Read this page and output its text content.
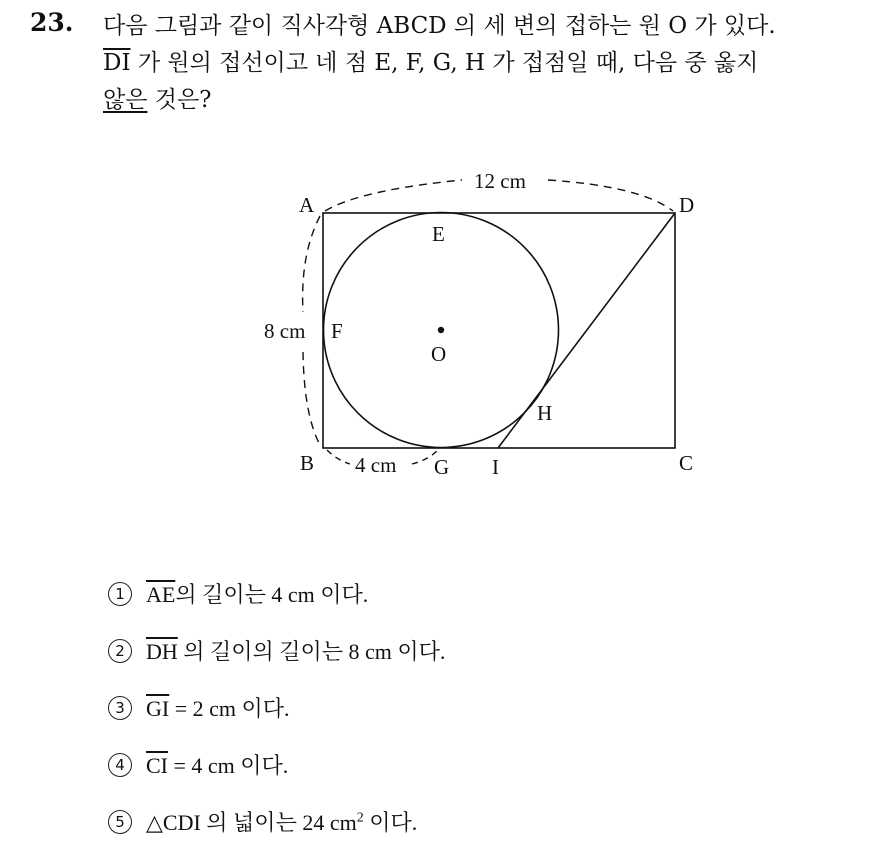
23. 다음 그림과 같이 직사각형 ABCD 의 세 변의 접하는 원 O 가 있다.
$\overline{DI}$ 가 원의 접선이고 네 점 E, F, G, H 가 접점일 때, 다음 중 옳지
않은 것은?
A
B	C
D
E
F
G
H
I
O
12 cm
8 cm
4 cm
1 $\overline{AE}$의 길이는 4 cm 이다.
2 $\overline{DH}$ 의 길이의 길이는 8 cm 이다.
3 $\overline{GI} = 2$ cm 이다.
4 $\overline{CI} = 4$ cm 이다.
5 △CDI 의 넓이는 24 $cm^2$ 이다.
